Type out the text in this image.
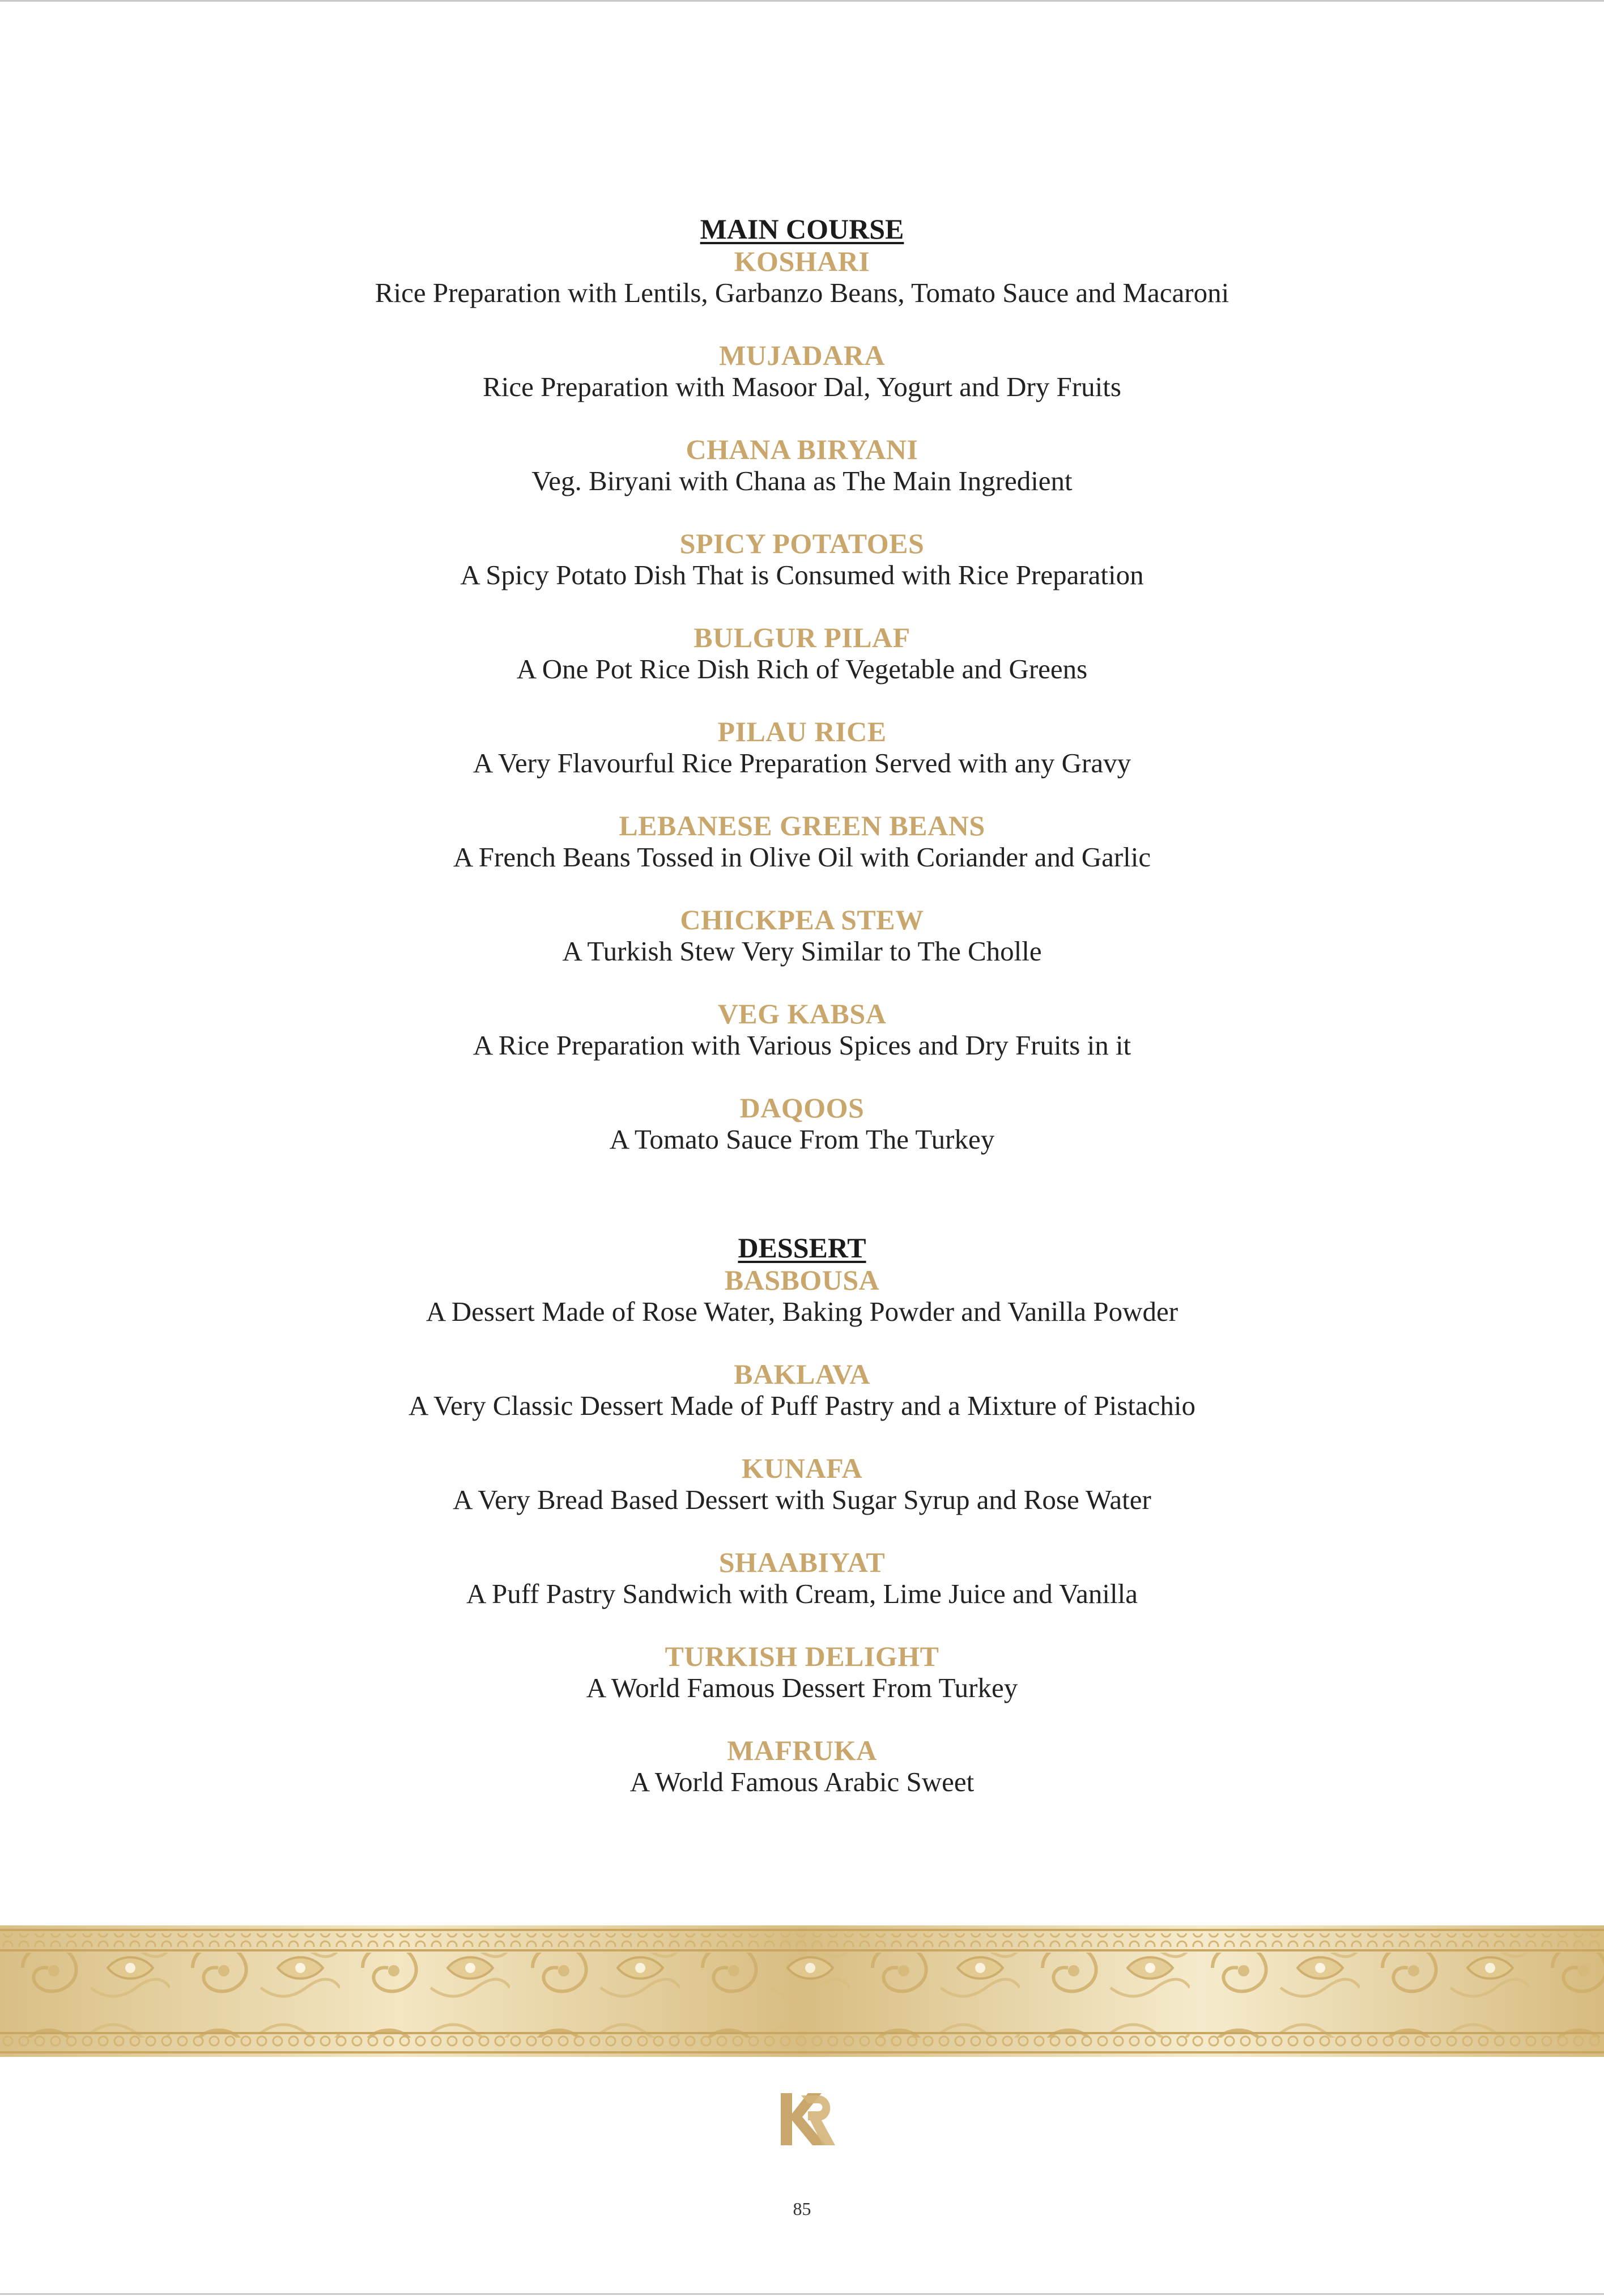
MAIN COURSE
KOSHARI
Rice Preparation with Lentils, Garbanzo Beans, Tomato Sauce and Macaroni
MUJADARA
Rice Preparation with Masoor Dal, Yogurt and Dry Fruits
CHANA BIRYANI
Veg. Biryani with Chana as The Main Ingredient
SPICY POTATOES
A Spicy Potato Dish That is Consumed with Rice Preparation
BULGUR PILAF
A One Pot Rice Dish Rich of Vegetable and Greens
PILAU RICE
A Very Flavourful Rice Preparation Served with any Gravy
LEBANESE GREEN BEANS
A French Beans Tossed in Olive Oil with Coriander and Garlic
CHICKPEA STEW
A Turkish Stew Very Similar to The Cholle
VEG KABSA
A Rice Preparation with Various Spices and Dry Fruits in it
DAQOOS
A Tomato Sauce From The Turkey
DESSERT
BASBOUSA
A Dessert Made of Rose Water, Baking Powder and Vanilla Powder
BAKLAVA
A Very Classic Dessert Made of Puff Pastry and a Mixture of Pistachio
KUNAFA
A Very Bread Based Dessert with Sugar Syrup and Rose Water
SHAABIYAT
A Puff Pastry Sandwich with Cream, Lime Juice and Vanilla
TURKISH DELIGHT
A World Famous Dessert From Turkey
MAFRUKA
A World Famous Arabic Sweet
85
